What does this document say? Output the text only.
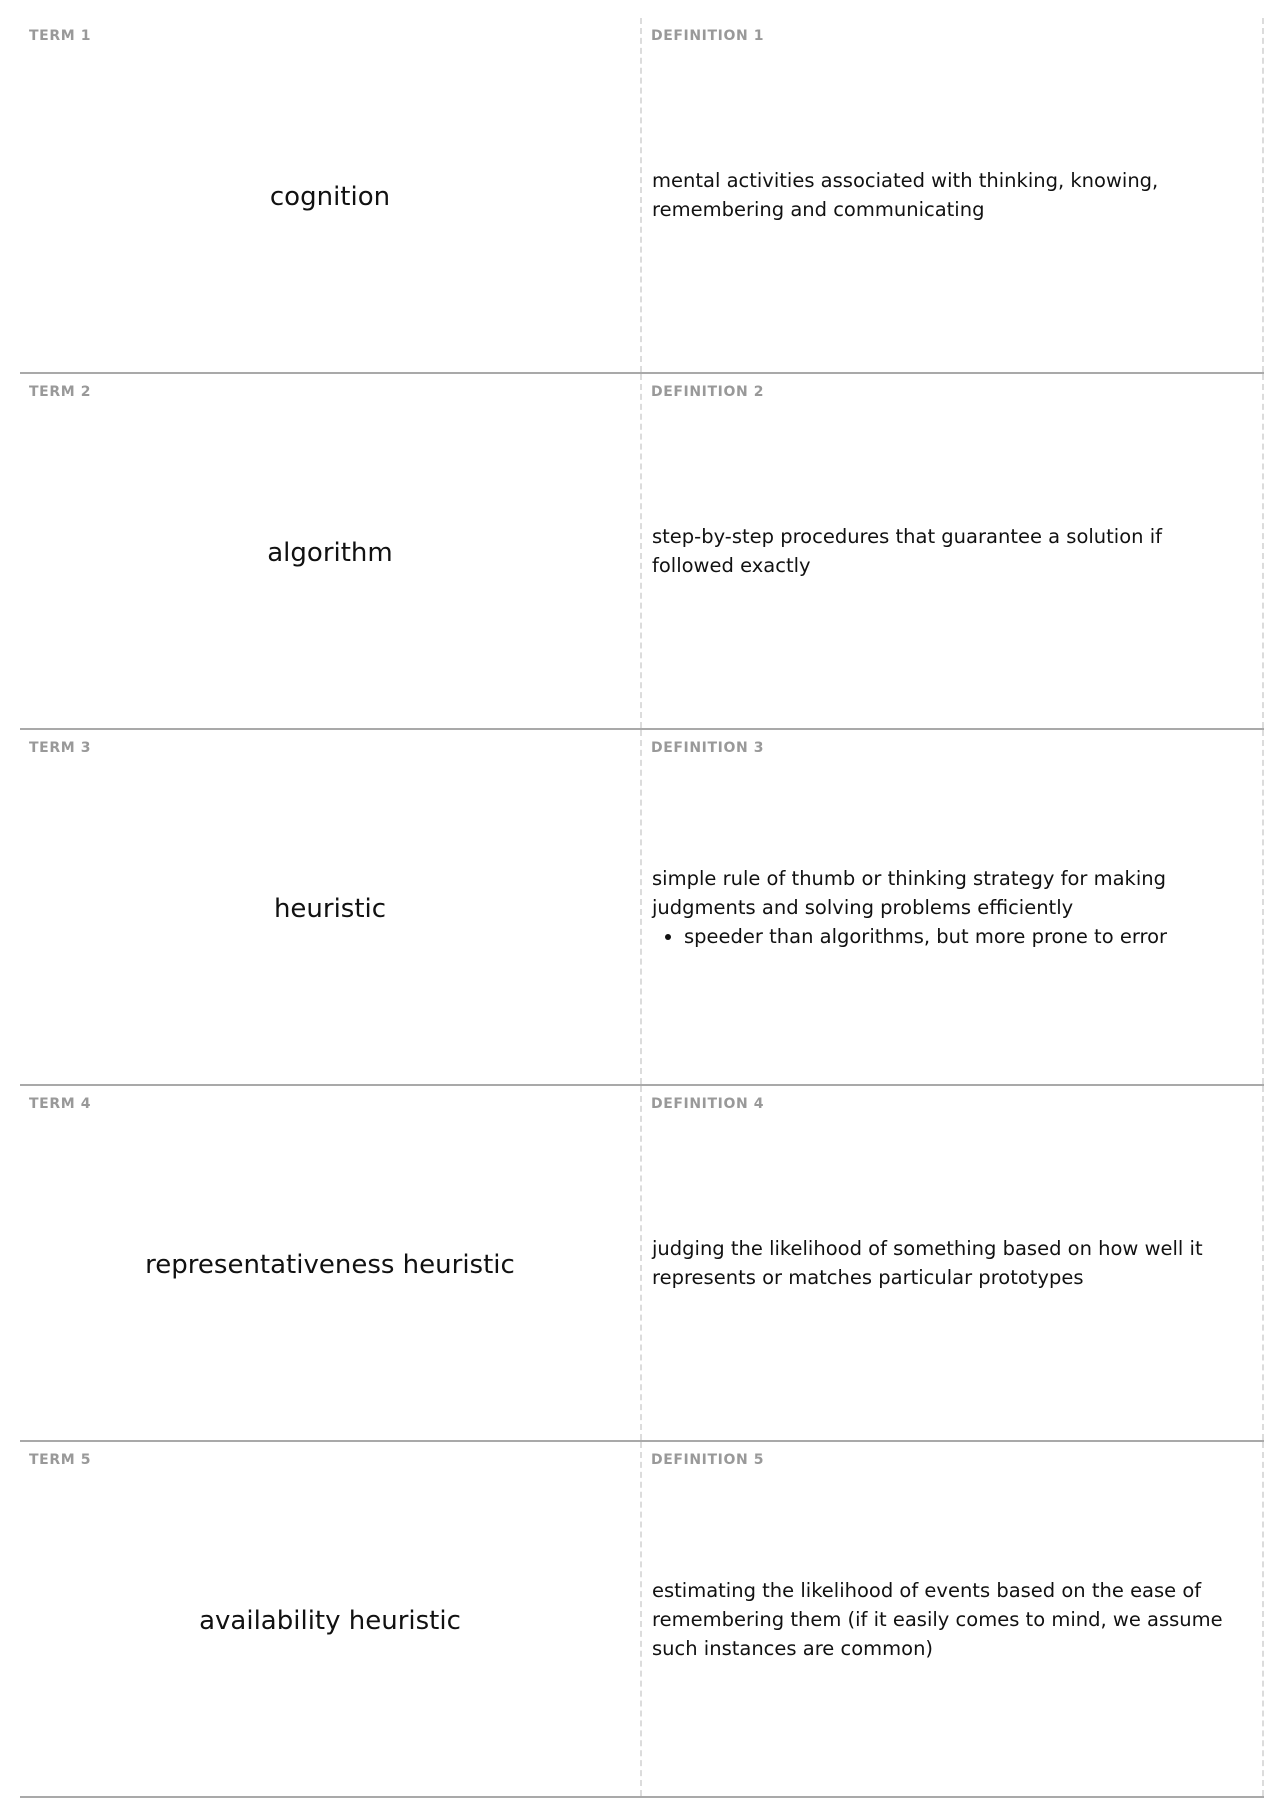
TERM 1
cognition
DEFINITION 1
mental activities associated with thinking, knowing, remembering and communicating
TERM 2
algorithm
DEFINITION 2
step-by-step procedures that guarantee a solution if followed exactly
TERM 3
heuristic
DEFINITION 3
simple rule of thumb or thinking strategy for making judgments and solving problems efficiently
• speeder than algorithms, but more prone to error
TERM 4
representativeness heuristic
DEFINITION 4
judging the likelihood of something based on how well it represents or matches particular prototypes
TERM 5
availability heuristic
DEFINITION 5
estimating the likelihood of events based on the ease of remembering them (if it easily comes to mind, we assume such instances are common)
